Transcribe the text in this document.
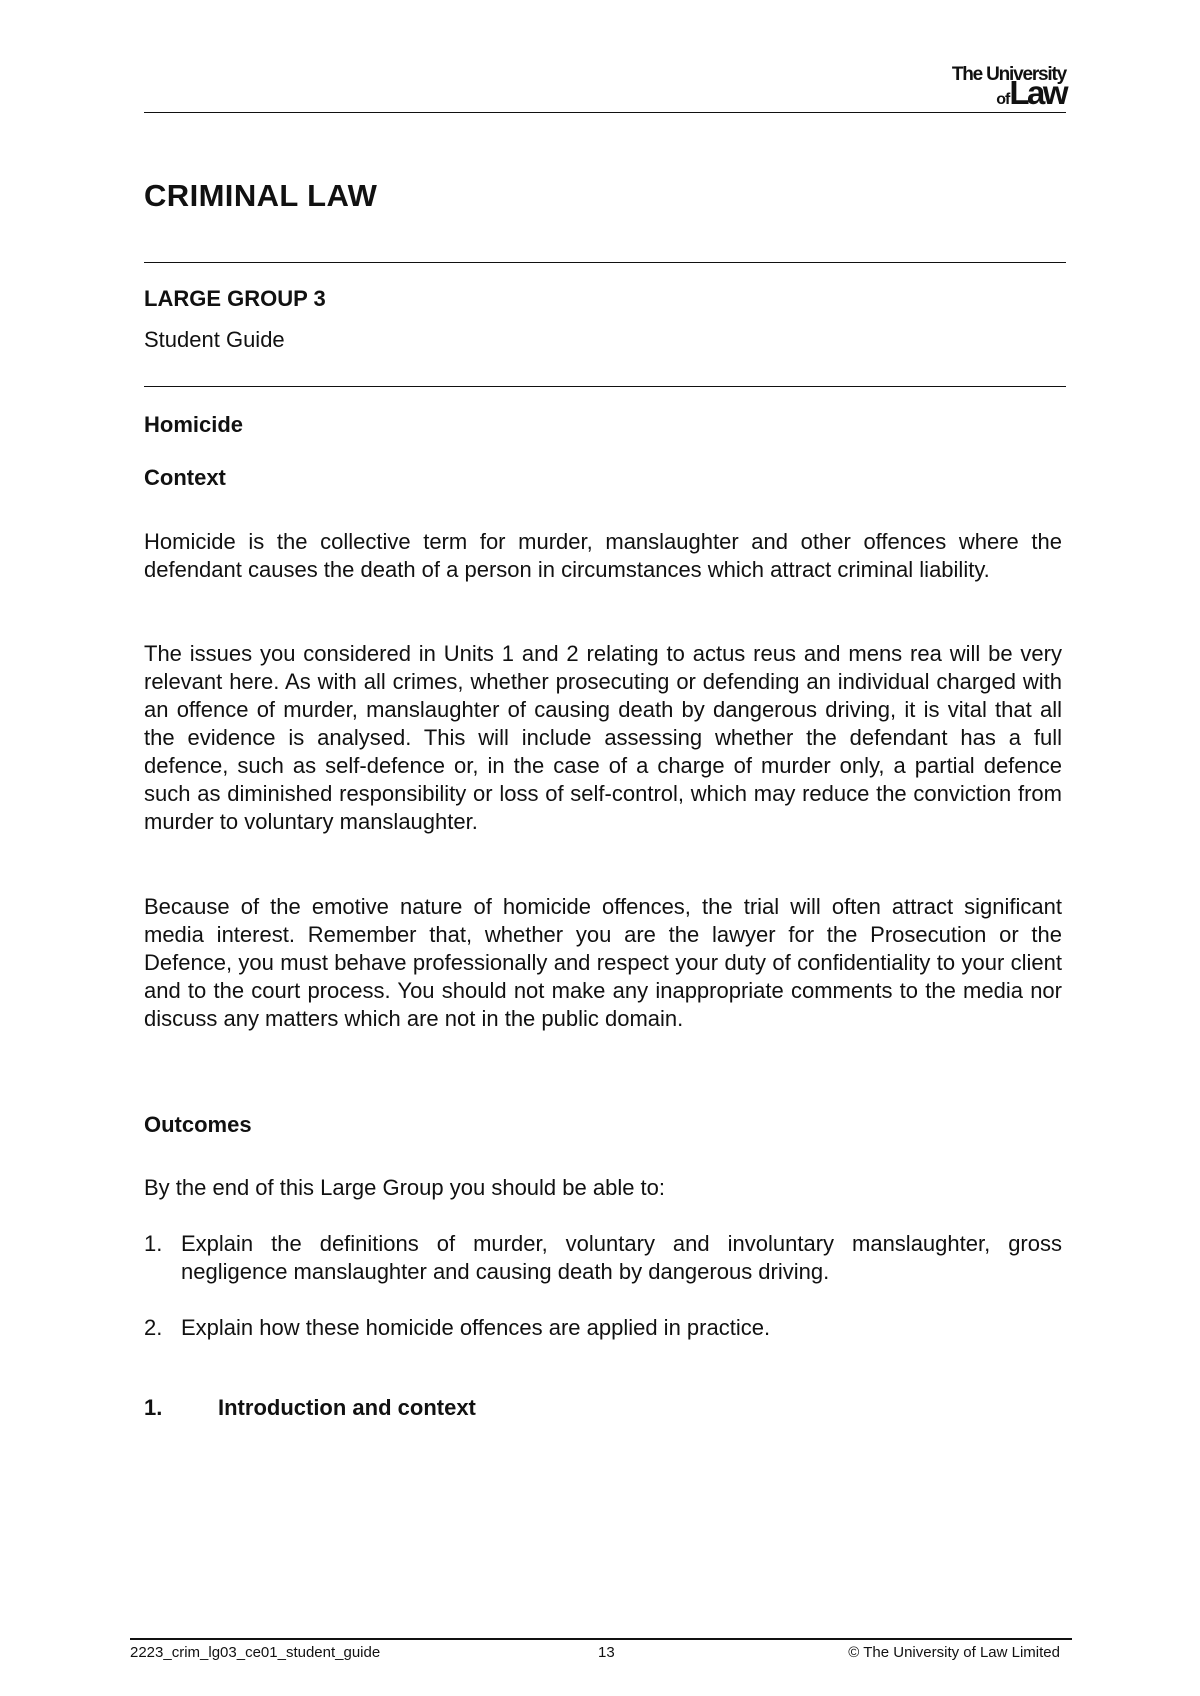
The University
ofLaw
CRIMINAL LAW
LARGE GROUP 3

Student Guide

Homicide
Context

Homicide is the collective term for murder, manslaughter and other offences where the defendant causes the death of a person in circumstances which attract criminal liability.

The issues you considered in Units 1 and 2 relating to actus reus and mens rea will be very relevant here. As with all crimes, whether prosecuting or defending an individual charged with an offence of murder, manslaughter of causing death by dangerous driving, it is vital that all the evidence is analysed. This will include assessing whether the defendant has a full defence, such as self-defence or, in the case of a charge of murder only, a partial defence such as diminished responsibility or loss of self-control, which may reduce the conviction from murder to voluntary manslaughter.

Because of the emotive nature of homicide offences, the trial will often attract significant media interest. Remember that, whether you are the lawyer for the Prosecution or the Defence, you must behave professionally and respect your duty of confidentiality to your client and to the court process. You should not make any inappropriate comments to the media nor discuss any matters which are not in the public domain.

Outcomes

By the end of this Large Group you should be able to:

1. Explain the definitions of murder, voluntary and involuntary manslaughter, gross negligence manslaughter and causing death by dangerous driving.
2. Explain how these homicide offences are applied in practice.
1.	Introduction and context
2223_crim_lg03_ce01_student_guide	13	© The University of Law Limited
